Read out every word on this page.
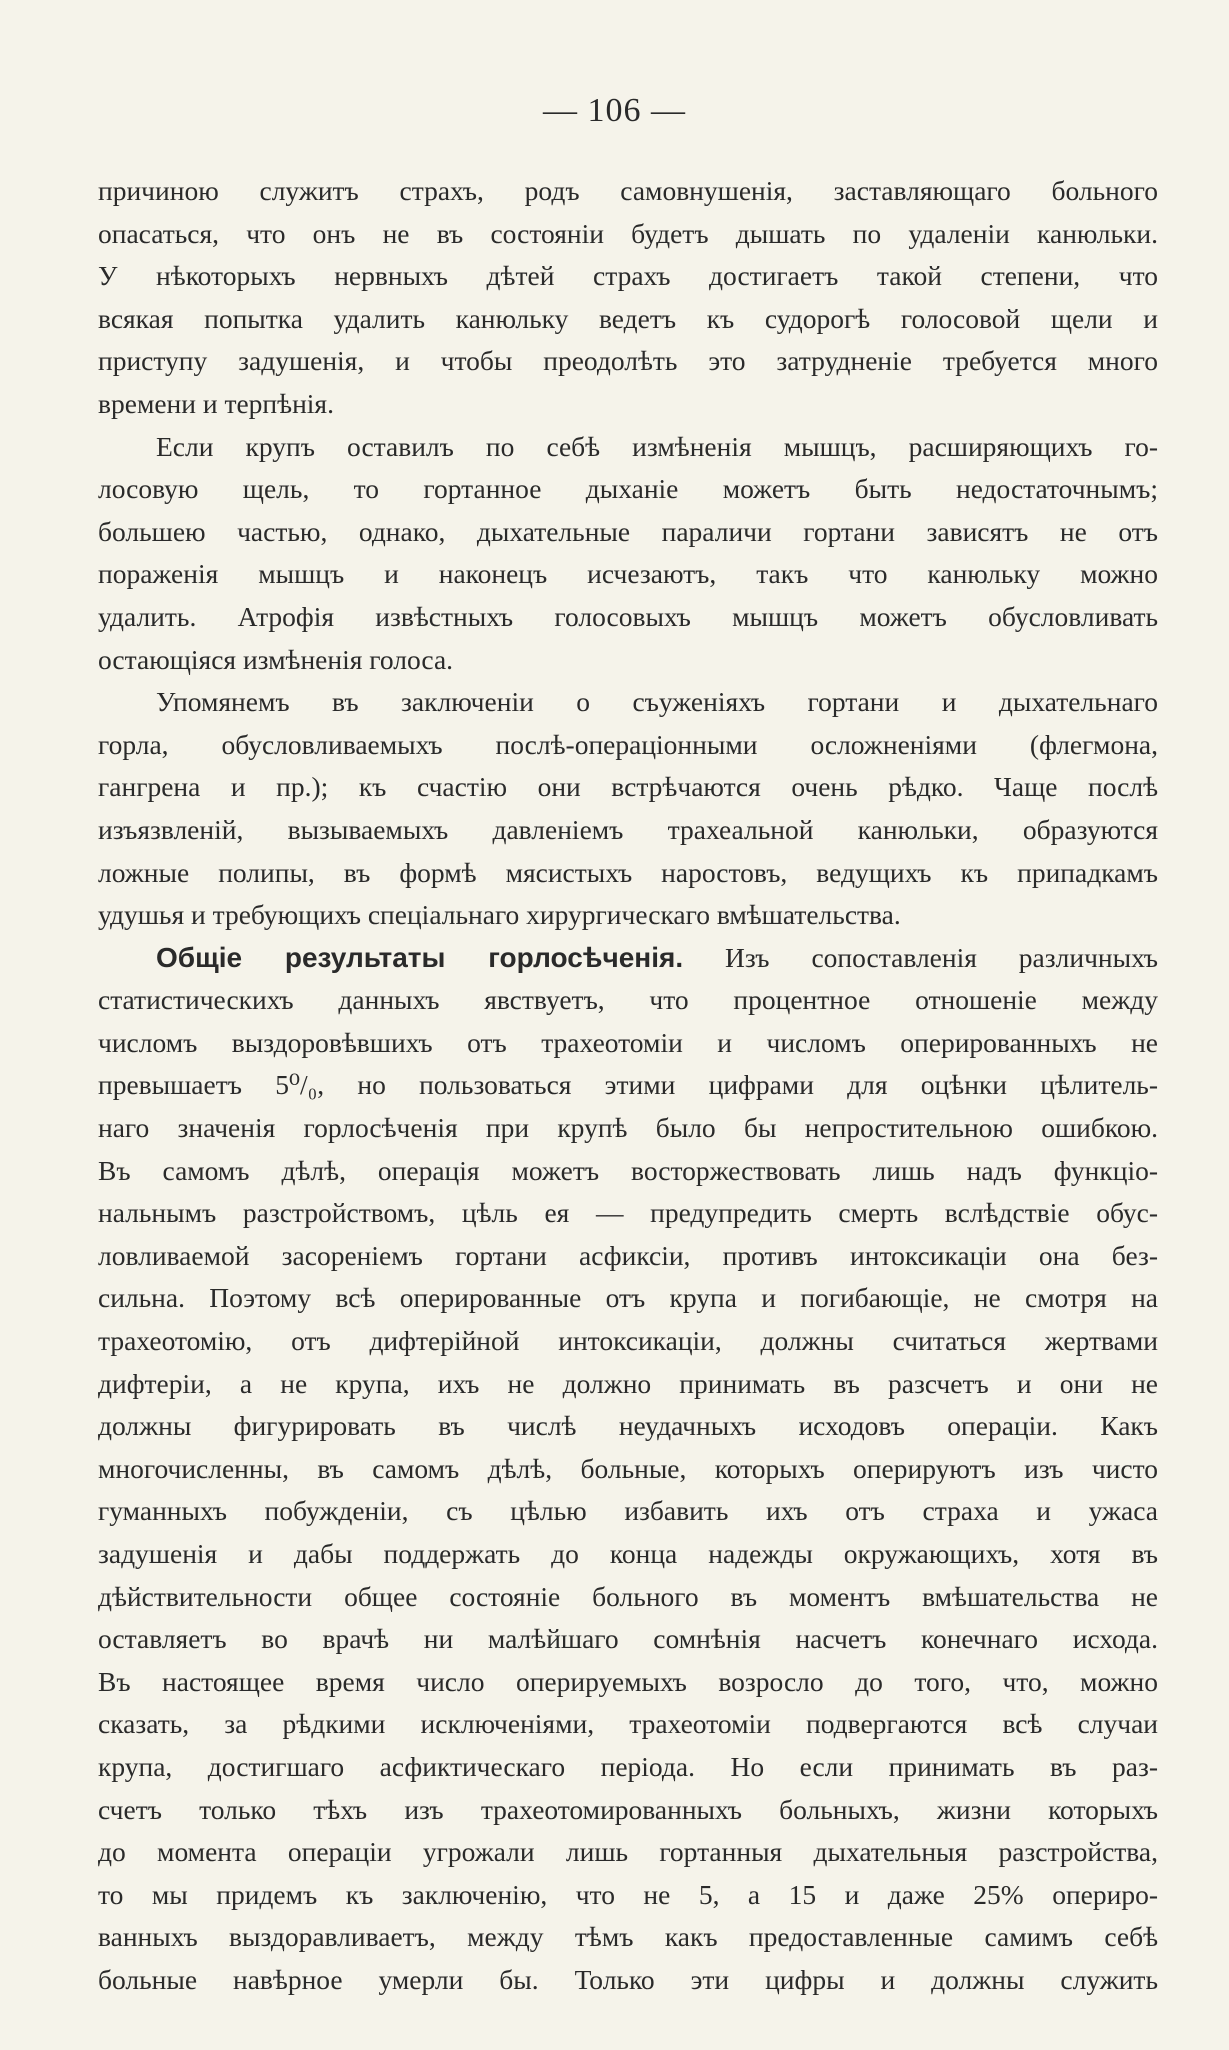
— 106 —
причиною служитъ страхъ, родъ самовнушенія, заставляющаго больного
опасаться, что онъ не въ состояніи будетъ дышать по удаленіи канюльки.
У нѣкоторыхъ нервныхъ дѣтей страхъ достигаетъ такой степени, что
всякая попытка удалить канюльку ведетъ къ судорогѣ голосовой щели и
приступу задушенія, и чтобы преодолѣть это затрудненіе требуется много
времени и терпѣнія.
Если крупъ оставилъ по себѣ измѣненія мышцъ, расширяющихъ го-
лосовую щель, то гортанное дыханіе можетъ быть недостаточнымъ;
большею частью, однако, дыхательные параличи гортани зависятъ не отъ
пораженія мышцъ и наконецъ исчезаютъ, такъ что канюльку можно
удалить. Атрофія извѣстныхъ голосовыхъ мышцъ можетъ обусловливать
остающіяся измѣненія голоса.
Упомянемъ въ заключеніи о съуженіяхъ гортани и дыхательнаго
горла, обусловливаемыхъ послѣ-операціонными осложненіями (флегмона,
гангрена и пр.); къ счастію они встрѣчаются очень рѣдко. Чаще послѣ
изъязвленій, вызываемыхъ давленіемъ трахеальной канюльки, образуются
ложные полипы, въ формѣ мясистыхъ наростовъ, ведущихъ къ припадкамъ
удушья и требующихъ спеціальнаго хирургическаго вмѣшательства.
Общіе результаты горлосѣченія. Изъ сопоставленія различныхъ
статистическихъ данныхъ явствуетъ, что процентное отношеніе между
числомъ выздоровѣвшихъ отъ трахеотоміи и числомъ оперированныхъ не
превышаетъ 5⁰/₀, но пользоваться этими цифрами для оцѣнки цѣлитель-
наго значенія горлосѣченія при крупѣ было бы непростительною ошибкою.
Въ самомъ дѣлѣ, операція можетъ восторжествовать лишь надъ функціо-
нальнымъ разстройствомъ, цѣль ея — предупредить смерть вслѣдствіе обус-
ловливаемой засореніемъ гортани асфиксіи, противъ интоксикаціи она без-
сильна. Поэтому всѣ оперированные отъ крупа и погибающіе, не смотря на
трахеотомію, отъ дифтерійной интоксикаціи, должны считаться жертвами
дифтеріи, а не крупа, ихъ не должно принимать въ разсчетъ и они не
должны фигурировать въ числѣ неудачныхъ исходовъ операціи. Какъ
многочисленны, въ самомъ дѣлѣ, больные, которыхъ оперируютъ изъ чисто
гуманныхъ побужденіи, съ цѣлью избавить ихъ отъ страха и ужаса
задушенія и дабы поддержать до конца надежды окружающихъ, хотя въ
дѣйствительности общее состояніе больного въ моментъ вмѣшательства не
оставляетъ во врачѣ ни малѣйшаго сомнѣнія насчетъ конечнаго исхода.
Въ настоящее время число оперируемыхъ возросло до того, что, можно
сказать, за рѣдкими исключеніями, трахеотоміи подвергаются всѣ случаи
крупа, достигшаго асфиктическаго періода. Но если принимать въ раз-
счетъ только тѣхъ изъ трахеотомированныхъ больныхъ, жизни которыхъ
до момента операціи угрожали лишь гортанныя дыхательныя разстройства,
то мы придемъ къ заключенію, что не 5, а 15 и даже 25% опериро-
ванныхъ выздоравливаетъ, между тѣмъ какъ предоставленные самимъ себѣ
больные навѣрное умерли бы. Только эти цифры и должны служить
